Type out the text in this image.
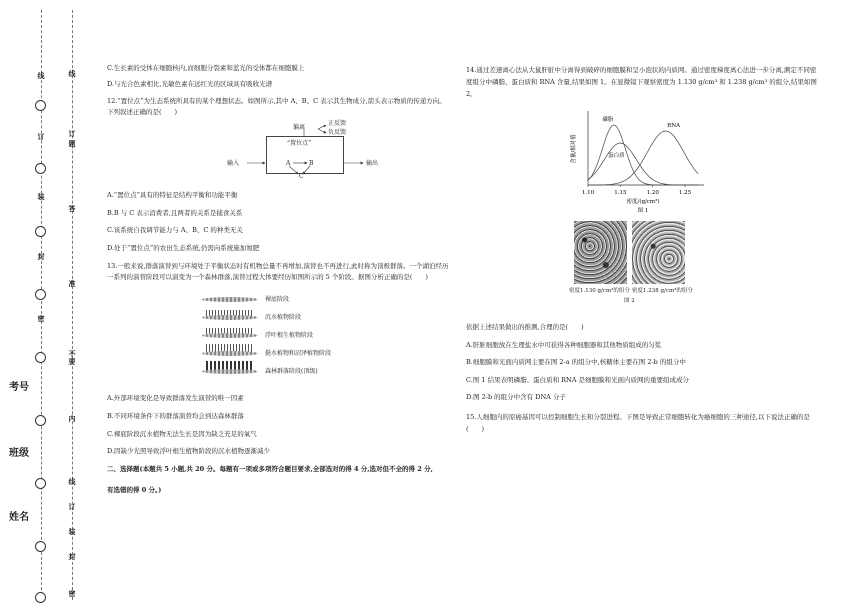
线
订
装
封
密
线
订
题
答
准
不
要
内
线
订
装
封
密
考号
班级
姓名
C.生长素的受体在细胞核内,而细胞分裂素和蓝光的受体都在细胞膜上
D.与光合色素相比,光敏色素在远红光的区域具有吸收光谱
12.“置位点”为生态系统所具有的某个理想状态。如图所示,其中 A、B、C 表示其生物成分,箭头表示物质的传递方向。下列叙述正确的是(　　)
偏离
正反馈
负反馈
“置位点”
输入	输出
A	B
C
A.“置位点”具有的特征是结构平衡和功能平衡
B.B 与 C 表示消费者,且两者的关系是捕食关系
C.该系统自我调节能力与 A、B、C 的种类无关
D.处于“置位点”的农田生态系统,仍需向系统施加氮肥
13.一般来说,群落演替到与环境处于平衡状态时有机物总量不再增加,演替也不再进行,此时称为顶极群落。一个湖泊经历一系列的演替阶段可以演变为一个森林群落,演替过程大体要经历如图所示的 5 个阶段。据图分析正确的是(　　)
裸底阶段
沉水植物阶段
浮叶根生植物阶段
挺水植物和沼泽植物阶段
森林群落阶段(顶级)
A.外部环境变化是导致群落发生演替的唯一因素
B.不同环境条件下的群落演替均会到达森林群落
C.裸底阶段沉水植物无法生长是因为缺乏充足的氧气
D.因缺少光照导致浮叶根生植物阶段的沉水植物逐渐减少
二、选择题(本题共 5 小题,共 20 分。每题有一项或多项符合题目要求,全部选对的得 4 分,选对但不全的得 2 分,
有选错的得 0 分。)
14.通过差速离心法从大鼠肝脏中分离得到破碎的细胞膜和呈小泡状的内质网。通过密度梯度离心法进一步分离,测定不同密度组分中磷脂、蛋白质和 RNA 含量,结果如图 1。在显微镜下观察密度为 1.130 g/cm³ 和 1.238 g/cm³ 的组分,结果如图 2。
1.10	1.15	1.20	1.25
含量/相对值
密度/(g/cm³)
图 1
磷脂
蛋白质
RNA
密度1.130 g/cm³的组分 密度1.238 g/cm³的组分
图 2
依据上述结果做出的推测,合理的是(　　)
A.肝脏细胞放在生理盐水中可获得各种细胞器和其他物质组成的匀浆
B.细胞膜和光面内质网主要在图 2-a 的组分中,核糖体主要在图 2-b 的组分中
C.图 1 结果表明磷脂、蛋白质和 RNA 是细胞膜和光面内质网的重要组成成分
D.图 2-b 的组分中含有 DNA 分子
15.人细胞内的原癌基因可以控制细胞生长和分裂进程。下图是导致正常细胞转化为癌细胞的三种途径,以下说法正确的是(　　)
